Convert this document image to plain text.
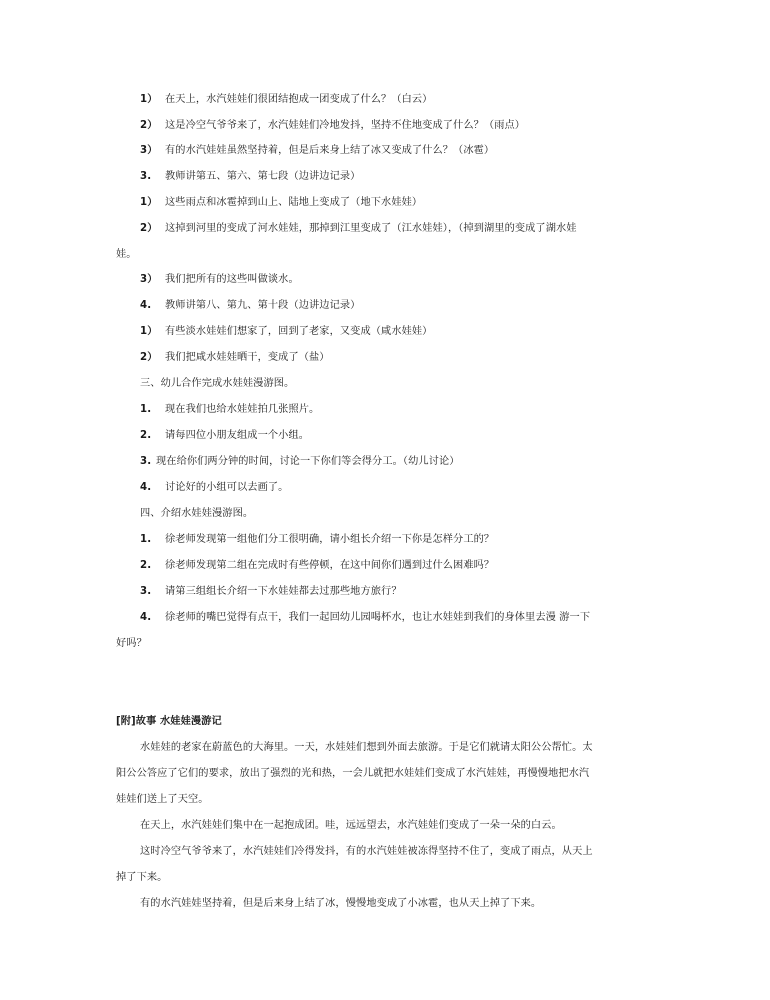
1） 在天上，水汽娃娃们很团结抱成一团变成了什么？（白云）
2） 这是冷空气爷爷来了，水汽娃娃们冷地发抖，坚持不住地变成了什么？（雨点）
3） 有的水汽娃娃虽然坚持着，但是后来身上结了冰又变成了什么？（冰雹）
3. 教师讲第五、第六、第七段（边讲边记录）
1） 这些雨点和冰雹掉到山上、陆地上变成了（地下水娃娃）
2） 这掉到河里的变成了河水娃娃，那掉到江里变成了（江水娃娃），（掉到湖里的变成了湖水娃
娃。
3） 我们把所有的这些叫做谈水。
4. 教师讲第八、第九、第十段（边讲边记录）
1） 有些淡水娃娃们想家了，回到了老家，又变成（咸水娃娃）
2） 我们把咸水娃娃晒干，变成了（盐）
三、幼儿合作完成水娃娃漫游图。
1. 现在我们也给水娃娃拍几张照片。
2. 请每四位小朋友组成一个小组。
3. 现在给你们两分钟的时间，讨论一下你们等会得分工。（幼儿讨论）
4. 讨论好的小组可以去画了。
四、介绍水娃娃漫游图。
1. 徐老师发现第一组他们分工很明确，请小组长介绍一下你是怎样分工的？
2. 徐老师发现第二组在完成时有些停顿，在这中间你们遇到过什么困难吗？
3. 请第三组组长介绍一下水娃娃都去过那些地方旅行？
4. 徐老师的嘴巴觉得有点干，我们一起回幼儿园喝杯水，也让水娃娃到我们的身体里去漫 游一下
好吗？
[附]故事 水娃娃漫游记
水娃娃的老家在蔚蓝色的大海里。一天，水娃娃们想到外面去旅游。于是它们就请太阳公公帮忙。太
阳公公答应了它们的要求，放出了强烈的光和热，一会儿就把水娃娃们变成了水汽娃娃，再慢慢地把水汽
娃娃们送上了天空。
在天上，水汽娃娃们集中在一起抱成团。哇，远远望去，水汽娃娃们变成了一朵一朵的白云。
这时冷空气爷爷来了，水汽娃娃们冷得发抖，有的水汽娃娃被冻得坚持不住了，变成了雨点，从天上
掉了下来。
有的水汽娃娃坚持着，但是后来身上结了冰，慢慢地变成了小冰雹，也从天上掉了下来。
